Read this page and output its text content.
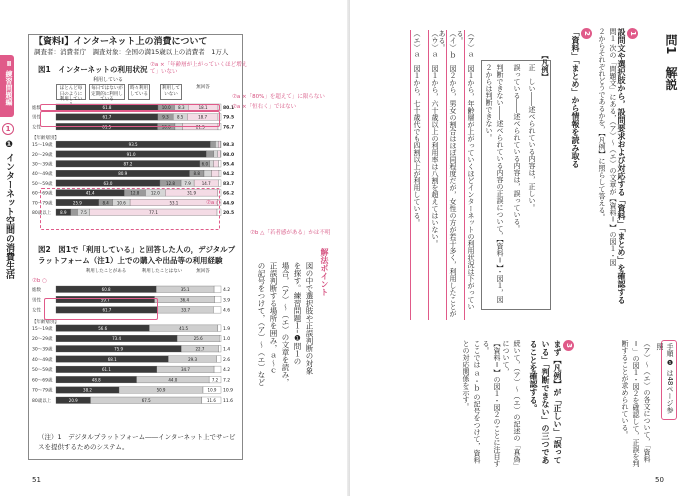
Ⅱ 練習問題編
1
❶ インターネット空間の消費生活
【資料Ⅰ】インターネット上の消費について
調査者：消費者庁　調査対象：全国の満15歳以上の消費者　1万人
図1　インターネットの利用状況
利用している
ほとんど毎日のように利用してい
毎日ではないが定期的に利用している
時々利用している
利用していない
無回答
総数	61.8	10.0 8.3	18.1	80.1
男性	61.7	9.3 8.5	18.7	79.5
女性	61.5	10.6	21.5	76.7
【年齢層別】
15〜19歳	93.5	98.3
20〜29歳	91.0	98.0
30〜39歳	87.2	6.0	95.4
40〜49歳	80.9	8.8	94.2
50〜59歳	63.0	12.8 7.9	14.7	83.7
60〜69歳	41.4	12.8	12.0	31.9	66.2
70〜79歳	25.9	8.4 10.6	53.1	44.9
80歳以上 8.9	7.5	77.1	20.5
図2　図1で「利用している」と回答した人の，デジタルプラットフォーム（注1）上での購入や出品等の利用経験
利用したことがある	利用したことはない	無回答
総数	60.8	35.1	4.2
男性	59.7	36.4	3.9
女性	61.7	33.7	4.6
【年齢層別】
15〜19歳	56.6	41.5	1.9
20〜29歳	73.4	25.6	1.0
30〜39歳	75.9	22.7	1.4
40〜49歳	68.1	29.3	2.6
50〜59歳	61.1	34.7	4.2
60〜69歳	48.8	44.0	7.2 7.2
70〜79歳	38.2	50.9	10.9 10.9
80歳以上	20.9	67.5	11.6 11.6
（注）1　デジタルプラットフォーム――インターネット上でサービスを提供するためのシステム。
⑦a ×「年齢層が上がっていくほど増えて」いない
⑦a ×「80%」を超えて」に限らない
⑦a ×「恒右く」ではない
⑦a ○
⑦b ○
⑦b △「若者感がある」かは不明
解法ポイント
図の中で選択肢や正誤判断の対象
を探す。練習問題１–❶問１の
場合，（ア）〜（エ）の文章を読み，
正誤判断する場所を囲み，ａ〜ｃ
の記号をつけて，（ア）〜（エ）など
51
問1　解説
1
設問文や選択肢から，設問要求および対応する「資料」「まとめ」を確認する
問１ 次の「問題文」にある，（ア）〜（エ）の文章が【資料Ⅰ】の図１・図２からそれぞれどうであるかを，【凡例】に照らして答える。
2
「資料」「まとめ」から情報を読み取る
【凡例】
正　しい――述べられている内容は，正しい。
誤っている――述べられている内容は，誤っている。
判断できない――述べられている内容の正誤について，【資料Ⅰ】・図１，図２からは判断できない。
（ア）ａ　図１から，年齢層が上がっていくほどインターネットの利用状況は下がっている。
（イ）ｂ　図２から，男女の割合はほぼ同程度だが，女性の方が若干多く，利用したことがある。
（ウ）ａ　図１から，六十歳以上の利用率は八割を超えてはいない。
（エ）ａ　図１から，七十歳代でも四割以上が利用している。
手順 ❶ は48ページ参照
（ア）〜（エ）の各文について，「資料Ⅰ」の図１・図２を確認して，正誤を判断することが求められている。
3
まず【凡例】が「正しい」「誤っている」「判断できない」の三つであることを確認する。
続いて，（ア）〜（エ）の記述の「真偽」について，
【資料Ⅰ】の図１・図２のことに注目する。
ここでは ａ・ｂ の記号をつけて，資料との対応関係を示す。
50
